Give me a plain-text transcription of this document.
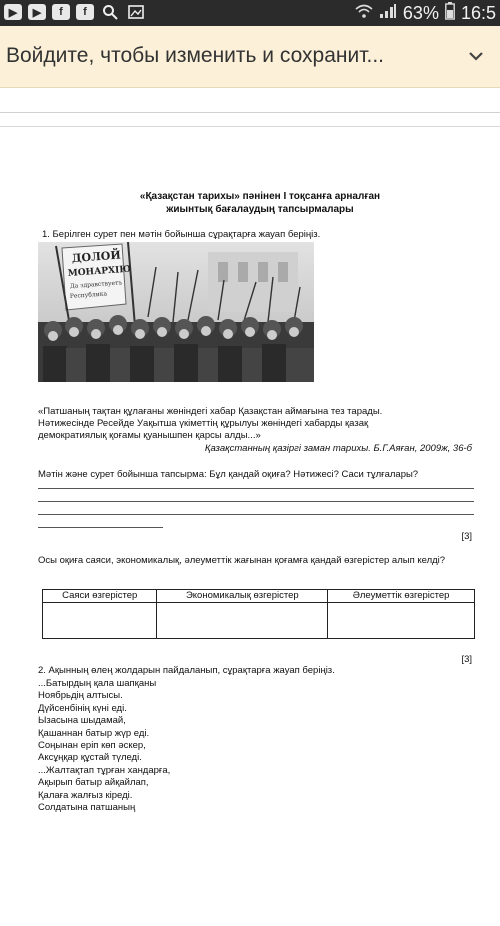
▶	▶	f	f	63% 16:5
Войдите, чтобы изменить и сохранит...
«Қазақстан тарихы» пәнінен І тоқсанға арналған
жиынтық бағалаудың тапсырмалары
1. Берілген сурет пен мәтін бойынша сұрақтарға жауап беріңіз.
ДОЛОЙ
МОНАРХІЮ
Да здравствуетъ
Республика
«Патшаның тақтан құлағаны жөніндегі хабар Қазақстан аймағына тез тарады.
Нәтижесінде Ресейде Уақытша үкіметтің құрылуы жөніндегі хабарды қазақ
демократиялық қоғамы қуанышпен қарсы алды...»
Қазақстанның қазіргі заман тарихы. Б.Г.Аяған, 2009ж, 36-б
Мәтін және сурет бойынша тапсырма: Бұл қандай оқиға? Нәтижесі? Саси тұлғалары?
[3]
Осы оқиға саяси, экономикалық, әлеуметтік жағынан қоғамға қандай өзгерістер алып келді?
Саяси өзгерістер	Экономикалық өзгерістер	Әлеуметтік өзгерістер

[3]
2. Ақынның өлең жолдарын пайдаланып, сұрақтарға жауап беріңіз.
...Батырдың қала шапқаны
Ноябрьдің алтысы.
Дүйсенбінің күні еді.
Ызасына шыдамай,
Қашаннан батыр жүр еді.
Соңынан еріп көп әскер,
Аксұңқар құстай түледі.
...Жалтақтап тұрған хандарға,
Ақырып батыр айқайлап,
Қалаға жалғыз кіреді.
Солдатына патшаның
